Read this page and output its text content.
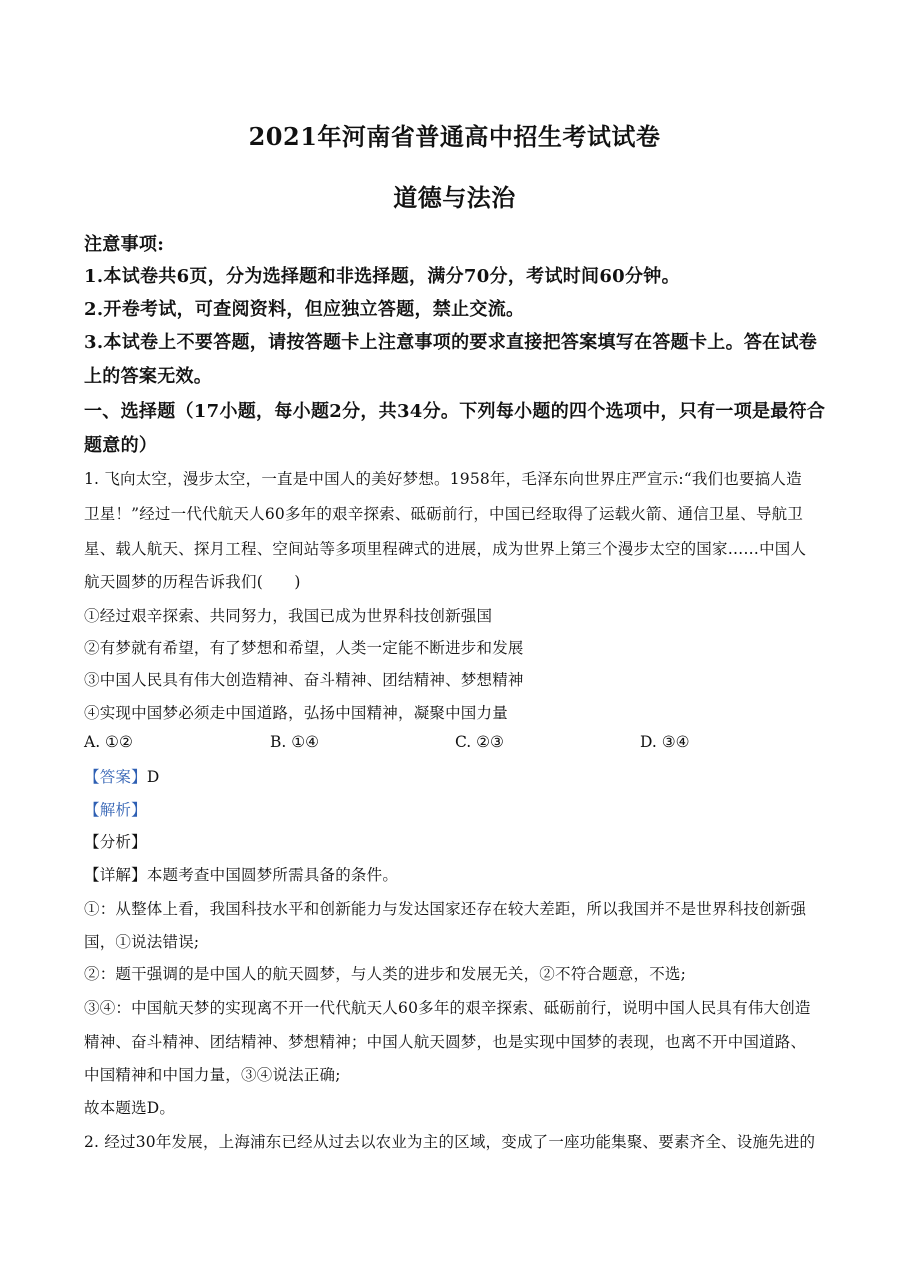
2021年河南省普通高中招生考试试卷
道德与法治
注意事项:
1.本试卷共6页，分为选择题和非选择题，满分70分，考试时间60分钟。
2.开卷考试，可查阅资料，但应独立答题，禁止交流。
3.本试卷上不要答题，请按答题卡上注意事项的要求直接把答案填写在答题卡上。答在试卷
上的答案无效。
一、选择题（17小题，每小题2分，共34分。下列每小题的四个选项中，只有一项是最符合
题意的）
1. 飞向太空，漫步太空，一直是中国人的美好梦想。1958年，毛泽东向世界庄严宣示:“我们也要搞人造
卫星！”经过一代代航天人60多年的艰辛探索、砥砺前行，中国已经取得了运载火箭、通信卫星、导航卫
星、载人航天、探月工程、空间站等多项里程碑式的进展，成为世界上第三个漫步太空的国家……中国人
航天圆梦的历程告诉我们(　　)
①经过艰辛探索、共同努力，我国已成为世界科技创新强国
②有梦就有希望，有了梦想和希望，人类一定能不断进步和发展
③中国人民具有伟大创造精神、奋斗精神、团结精神、梦想精神
④实现中国梦必须走中国道路，弘扬中国精神，凝聚中国力量
A. ①②	B. ①④	C. ②③	D. ③④
【答案】D
【解析】
【分析】
【详解】本题考查中国圆梦所需具备的条件。
①：从整体上看，我国科技水平和创新能力与发达国家还存在较大差距，所以我国并不是世界科技创新强
国，①说法错误;
②：题干强调的是中国人的航天圆梦，与人类的进步和发展无关，②不符合题意，不选;
③④：中国航天梦的实现离不开一代代航天人60多年的艰辛探索、砥砺前行，说明中国人民具有伟大创造
精神、奋斗精神、团结精神、梦想精神；中国人航天圆梦，也是实现中国梦的表现，也离不开中国道路、
中国精神和中国力量，③④说法正确;
故本题选D。
2. 经过30年发展，上海浦东已经从过去以农业为主的区域，变成了一座功能集聚、要素齐全、设施先进的
